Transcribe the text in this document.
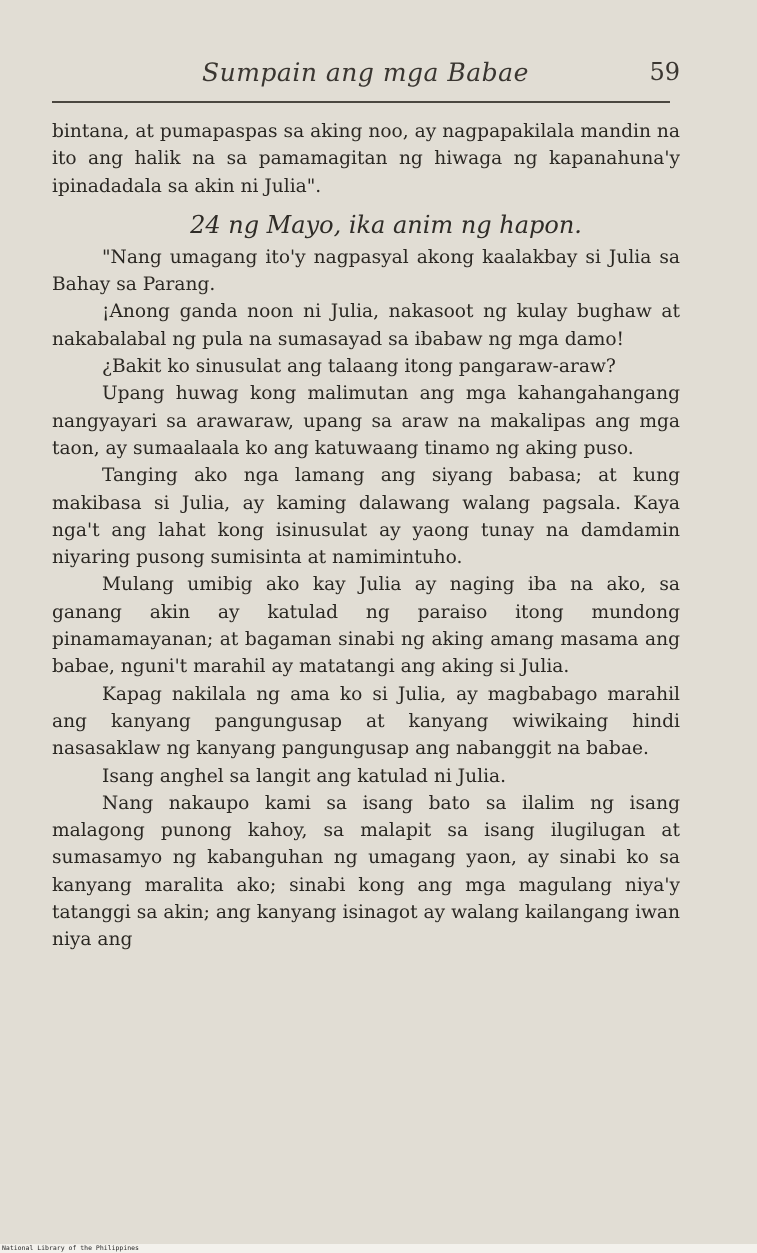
Sumpain ang mga Babae	59

bintana, at pumapaspas sa aking noo, ay nagpapakilala mandin na ito ang halik na sa pamamagitan ng hiwaga ng kapanahuna'y ipinadadala sa akin ni Julia".

24 ng Mayo, ika anim ng hapon.

"Nang umagang ito'y nagpasyal akong kaalakbay si Julia sa Bahay sa Parang.

¡Anong ganda noon ni Julia, nakasoot ng kulay bughaw at nakabalabal ng pula na sumasayad sa ibabaw ng mga damo!

¿Bakit ko sinusulat ang talaang itong pangaraw-araw?

Upang huwag kong malimutan ang mga kahangahangang nangyayari sa arawaraw, upang sa araw na makalipas ang mga taon, ay sumaalaala ko ang katuwaang tinamo ng aking puso.

Tanging ako nga lamang ang siyang babasa; at kung makibasa si Julia, ay kaming dalawang walang pagsala. Kaya nga't ang lahat kong isinusulat ay yaong tunay na damdamin niyaring pusong sumisinta at namimintuho.

Mulang umibig ako kay Julia ay naging iba na ako, sa ganang akin ay katulad ng paraiso itong mundong pinamamayanan; at bagaman sinabi ng aking amang masama ang babae, nguni't marahil ay matatangi ang aking si Julia.

Kapag nakilala ng ama ko si Julia, ay magbabago marahil ang kanyang pangungusap at kanyang wiwikaing hindi nasasaklaw ng kanyang pangungusap ang nabanggit na babae.

Isang anghel sa langit ang katulad ni Julia.

Nang nakaupo kami sa isang bato sa ilalim ng isang malagong punong kahoy, sa malapit sa isang ilugilugan at sumasamyo ng kabanguhan ng umagang yaon, ay sinabi ko sa kanyang maralita ako; sinabi kong ang mga magulang niya'y tatanggi sa akin; ang kanyang isinagot ay walang kailangang iwan niya ang

National Library of the Philippines
